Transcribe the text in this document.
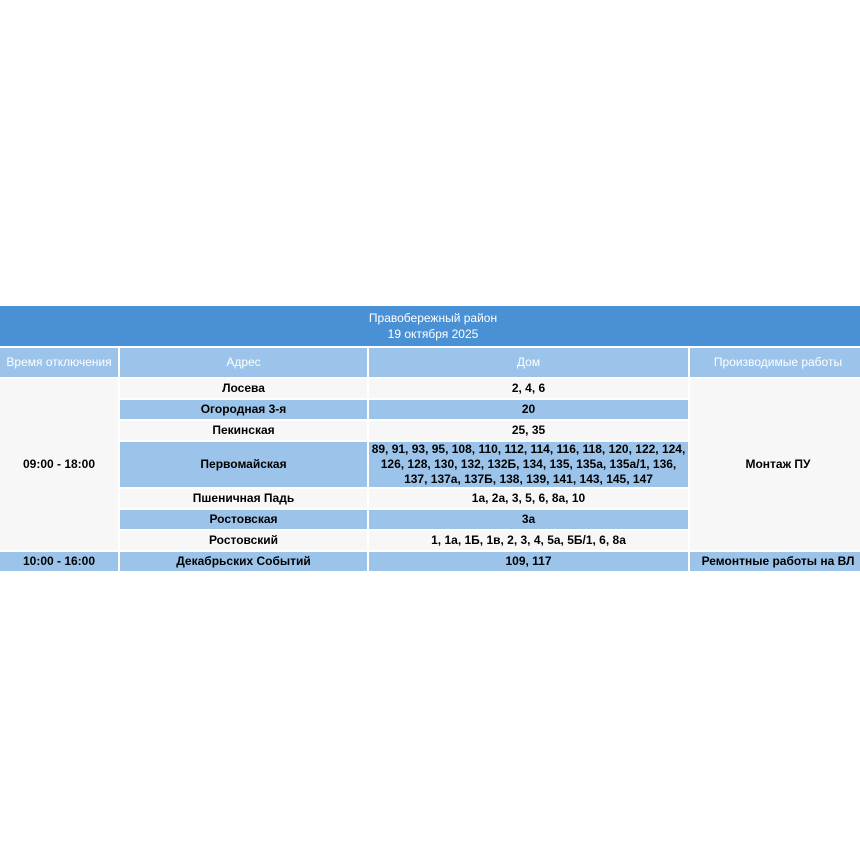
Правобережный район
19 октября 2025			

Время отключения	Адрес	Дом	Производимые работы
09:00 - 18:00	Лосева	2, 4, 6	Монтаж ПУ
	Огородная 3-я	20	
	Пекинская	25, 35	
	Первомайская	89, 91, 93, 95, 108, 110, 112, 114, 116, 118, 120, 122, 124, 126, 128, 130, 132, 132Б, 134, 135, 135а, 135а/1, 136, 137, 137а, 137Б, 138, 139, 141, 143, 145, 147	
	Пшеничная Падь	1а, 2а, 3, 5, 6, 8а, 10	
	Ростовская	3а	
	Ростовский	1, 1а, 1Б, 1в, 2, 3, 4, 5а, 5Б/1, 6, 8а	
10:00 - 16:00	Декабрьских Событий	109, 117	Ремонтные работы на ВЛ
